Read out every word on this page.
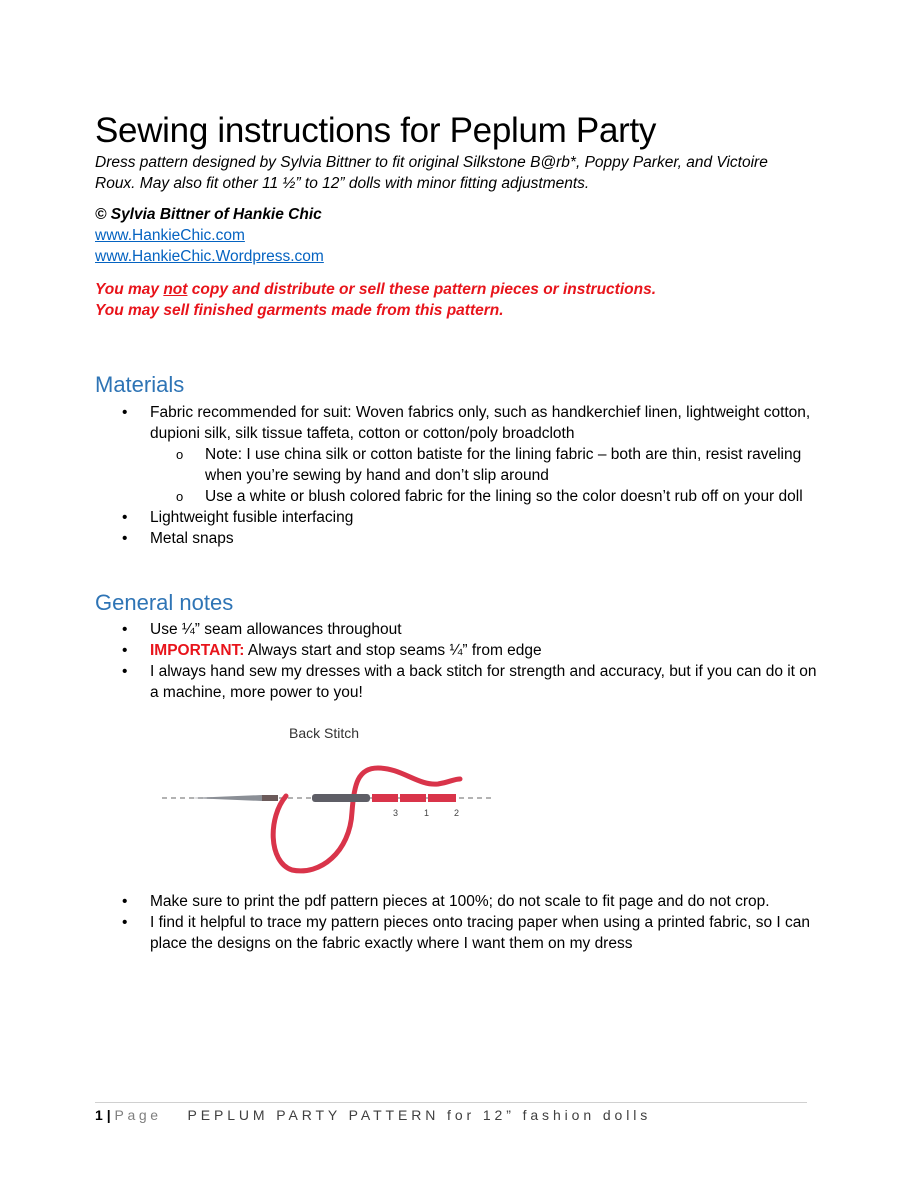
Sewing instructions for Peplum Party

Dress pattern designed by Sylvia Bittner to fit original Silkstone B@rb*, Poppy Parker, and Victoire Roux. May also fit other 11 ½” to 12” dolls with minor fitting adjustments.

© Sylvia Bittner of Hankie Chic
www.HankieChic.com
www.HankieChic.Wordpress.com

You may not copy and distribute or sell these pattern pieces or instructions.
You may sell finished garments made from this pattern.

Materials
• Fabric recommended for suit: Woven fabrics only, such as handkerchief linen, lightweight cotton, dupioni silk, silk tissue taffeta, cotton or cotton/poly broadcloth
o Note: I use china silk or cotton batiste for the lining fabric – both are thin, resist raveling when you’re sewing by hand and don’t slip around
o Use a white or blush colored fabric for the lining so the color doesn’t rub off on your doll
• Lightweight fusible interfacing
• Metal snaps
General notes
• Use ¼” seam allowances throughout
• IMPORTANT: Always start and stop seams ¼” from edge
• I always hand sew my dresses with a back stitch for strength and accuracy, but if you can do it on a machine, more power to you!
Back Stitch
3	1	2
• Make sure to print the pdf pattern pieces at 100%; do not scale to fit page and do not crop.
• I find it helpful to trace my pattern pieces onto tracing paper when using a printed fabric, so I can place the designs on the fabric exactly where I want them on my dress
1 | Page PEPLUM PARTY PATTERN for 12” fashion dolls
